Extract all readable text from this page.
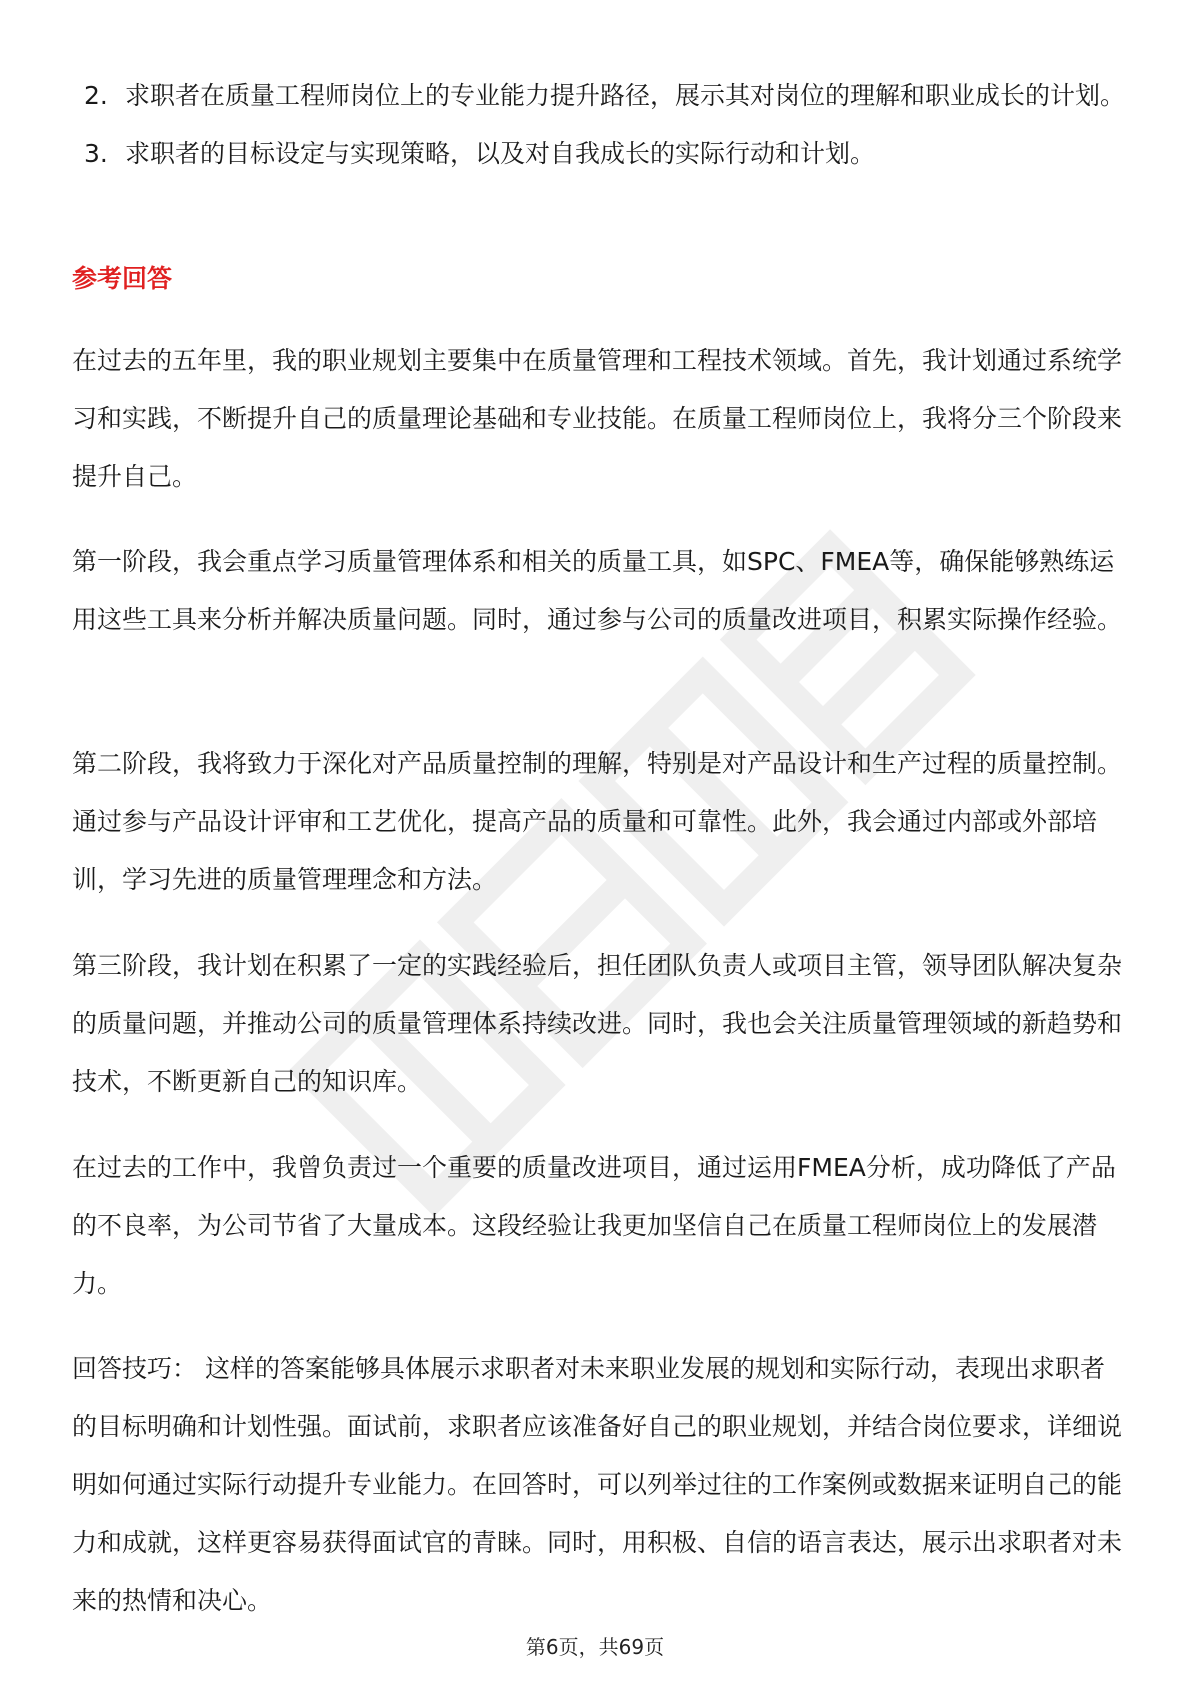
2. 求职者在质量工程师岗位上的专业能力提升路径，展示其对岗位的理解和职业成长的计划。
3. 求职者的目标设定与实现策略，以及对自我成长的实际行动和计划。
参考回答

在过去的五年里，我的职业规划主要集中在质量管理和工程技术领域。首先，我计划通过系统学习和实践，不断提升自己的质量理论基础和专业技能。在质量工程师岗位上，我将分三个阶段来提升自己。

第一阶段，我会重点学习质量管理体系和相关的质量工具，如SPC、FMEA等，确保能够熟练运用这些工具来分析并解决质量问题。同时，通过参与公司的质量改进项目，积累实际操作经验。

第二阶段，我将致力于深化对产品质量控制的理解，特别是对产品设计和生产过程的质量控制。通过参与产品设计评审和工艺优化，提高产品的质量和可靠性。此外，我会通过内部或外部培训，学习先进的质量管理理念和方法。

第三阶段，我计划在积累了一定的实践经验后，担任团队负责人或项目主管，领导团队解决复杂的质量问题，并推动公司的质量管理体系持续改进。同时，我也会关注质量管理领域的新趋势和技术，不断更新自己的知识库。

在过去的工作中，我曾负责过一个重要的质量改进项目，通过运用FMEA分析，成功降低了产品的不良率，为公司节省了大量成本。这段经验让我更加坚信自己在质量工程师岗位上的发展潜力。

回答技巧： 这样的答案能够具体展示求职者对未来职业发展的规划和实际行动，表现出求职者的目标明确和计划性强。面试前，求职者应该准备好自己的职业规划，并结合岗位要求，详细说明如何通过实际行动提升专业能力。在回答时，可以列举过往的工作案例或数据来证明自己的能力和成就，这样更容易获得面试官的青睐。同时，用积极、自信的语言表达，展示出求职者对未来的热情和决心。

第6页，共69页
